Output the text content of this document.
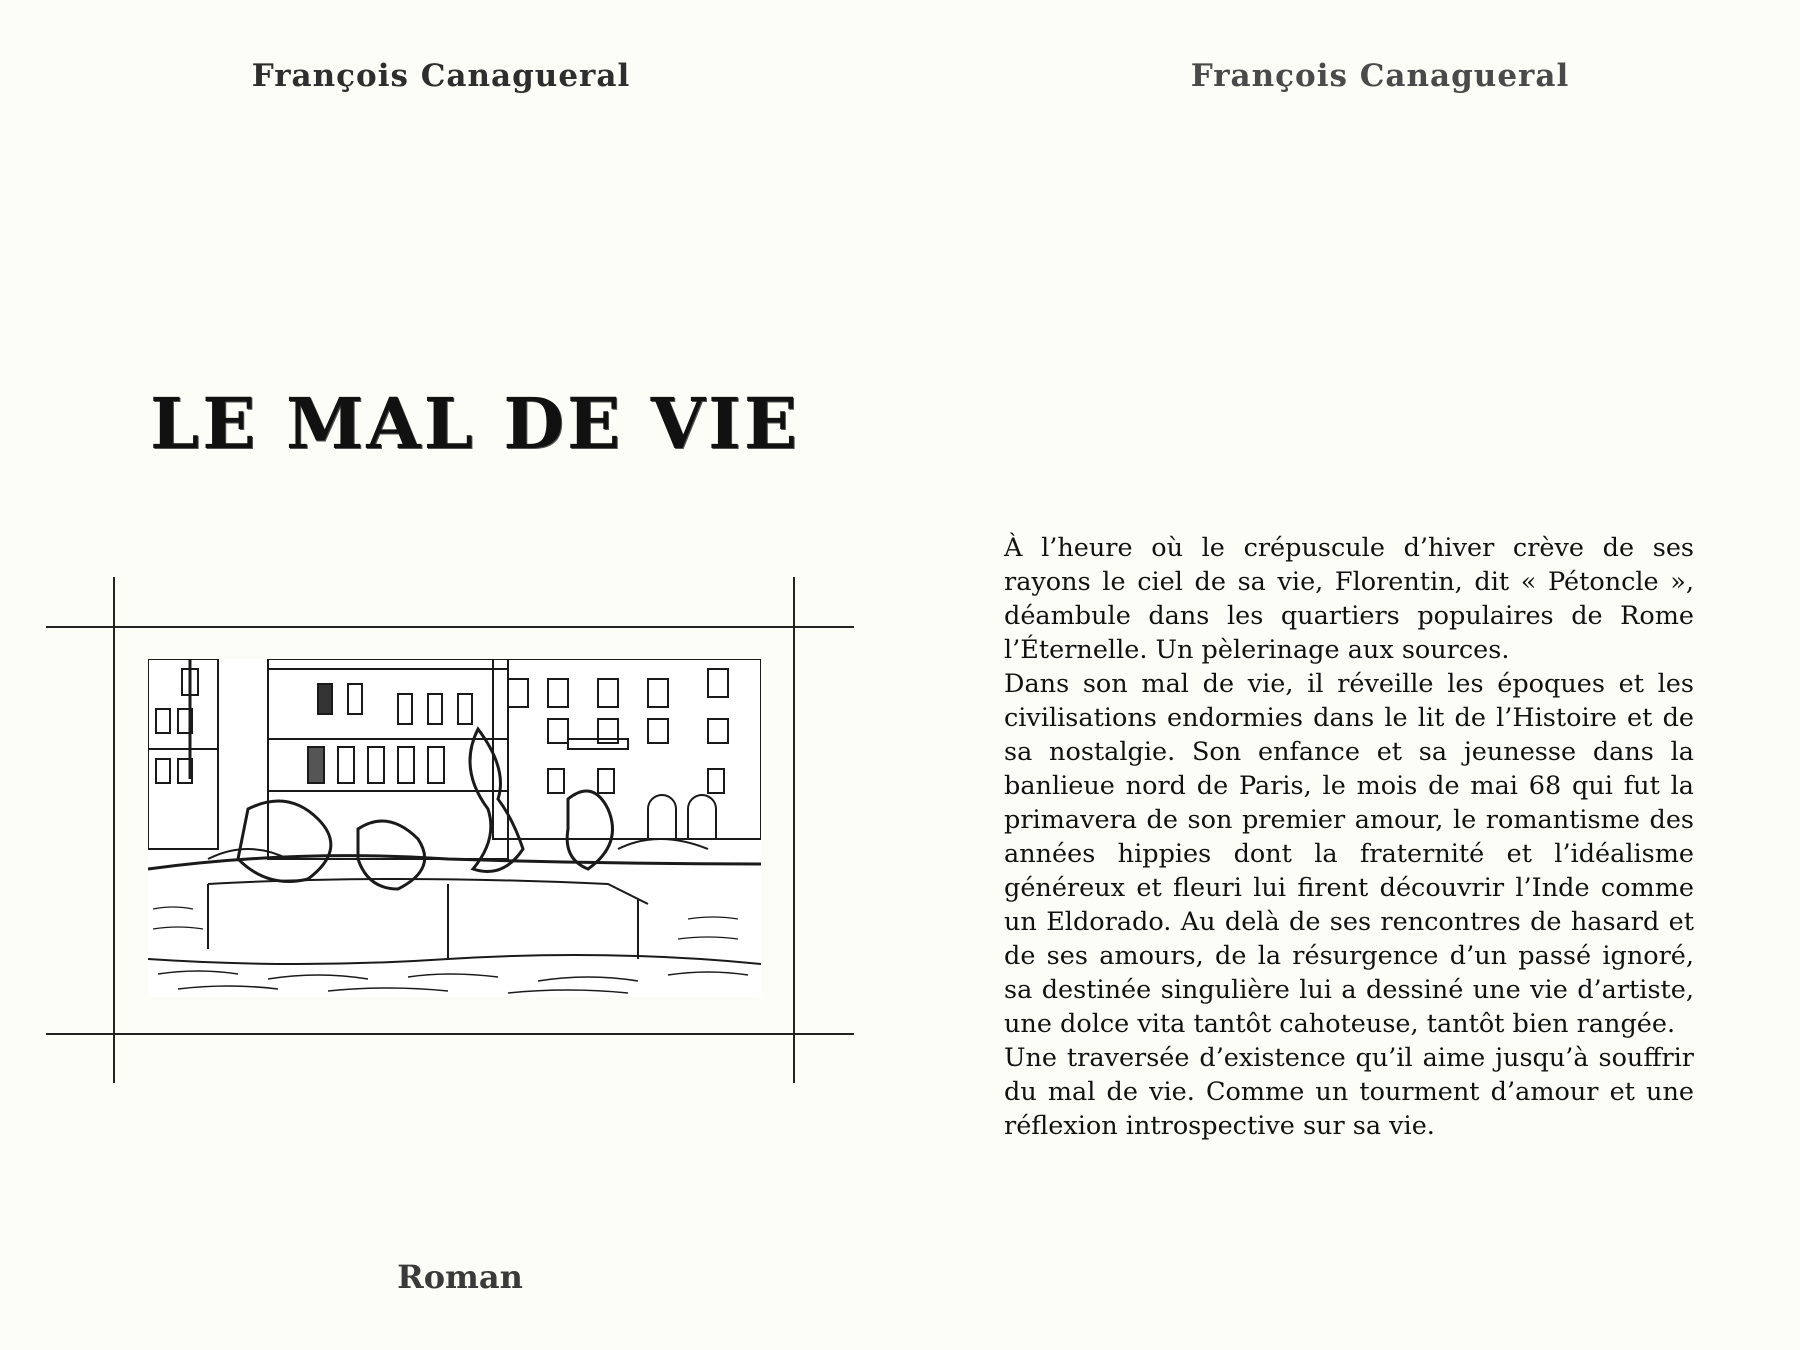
François Canagueral
LE MAL DE VIE
Roman
François Canagueral

À l’heure où le crépuscule d’hiver crève de ses rayons le ciel de sa vie, Florentin, dit « Pétoncle », déambule dans les quartiers populaires de Rome l’Éternelle. Un pèlerinage aux sources.

Dans son mal de vie, il réveille les époques et les civilisations endormies dans le lit de l’Histoire et de sa nostalgie. Son enfance et sa jeunesse dans la banlieue nord de Paris, le mois de mai 68 qui fut la primavera de son premier amour, le romantisme des années hippies dont la fraternité et l’idéalisme généreux et fleuri lui firent découvrir l’Inde comme un Eldorado. Au delà de ses rencontres de hasard et de ses amours, de la résurgence d’un passé ignoré, sa destinée singulière lui a dessiné une vie d’artiste, une dolce vita tantôt cahoteuse, tantôt bien rangée.

Une traversée d’existence qu’il aime jusqu’à souffrir du mal de vie. Comme un tourment d’amour et une réflexion introspective sur sa vie.
